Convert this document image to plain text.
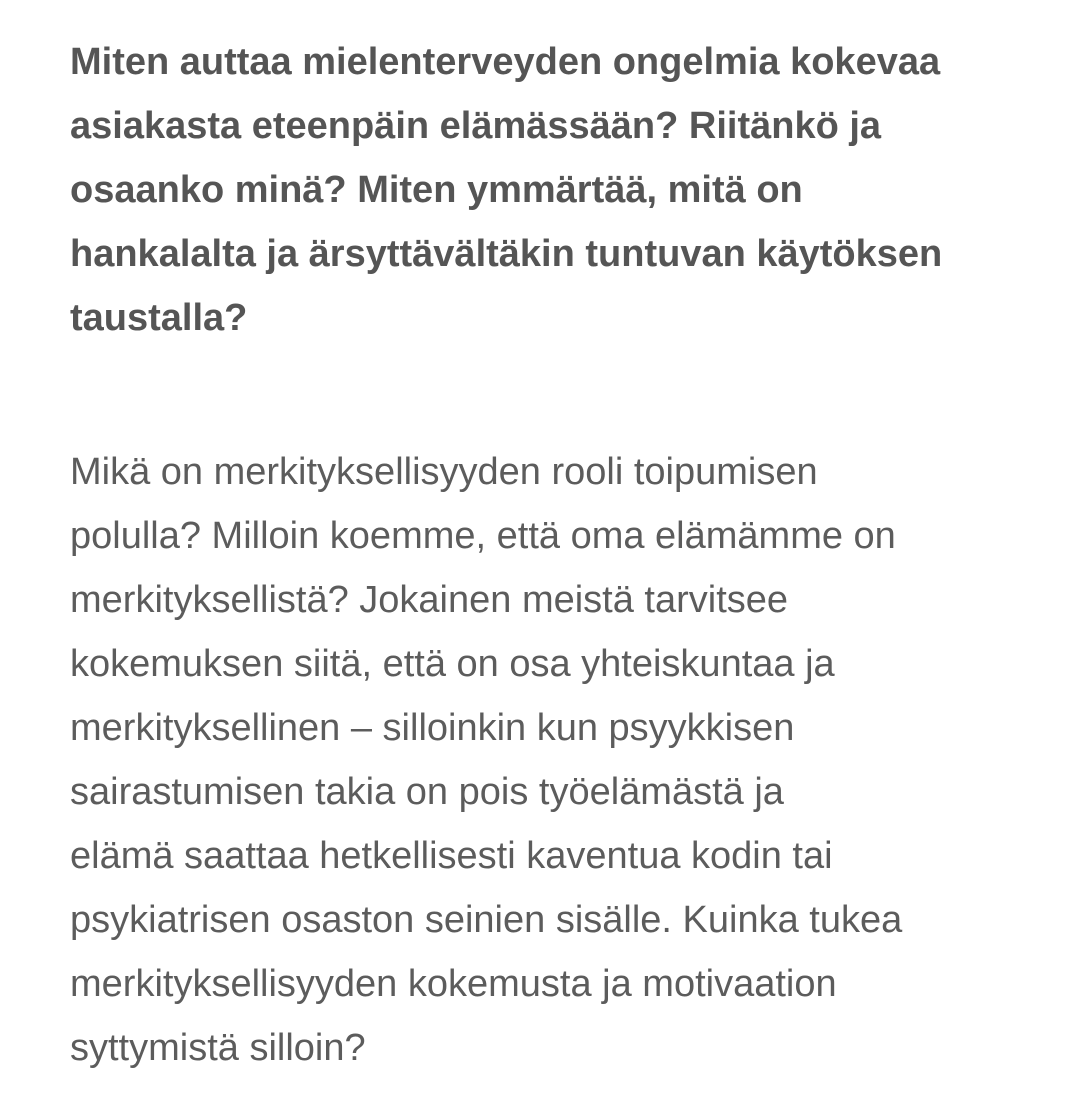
Miten auttaa mielenterveyden ongelmia kokevaa
asiakasta eteenpäin elämässään? Riitänkö ja
osaanko minä? Miten ymmärtää, mitä on
hankalalta ja ärsyttävältäkin tuntuvan käytöksen
taustalla?

Mikä on merkityksellisyyden rooli toipumisen
polulla? Milloin koemme, että oma elämämme on
merkityksellistä? Jokainen meistä tarvitsee
kokemuksen siitä, että on osa yhteiskuntaa ja
merkityksellinen – silloinkin kun psyykkisen
sairastumisen takia on pois työelämästä ja
elämä saattaa hetkellisesti kaventua kodin tai
psykiatrisen osaston seinien sisälle. Kuinka tukea
merkityksellisyyden kokemusta ja motivaation
syttymistä silloin?
